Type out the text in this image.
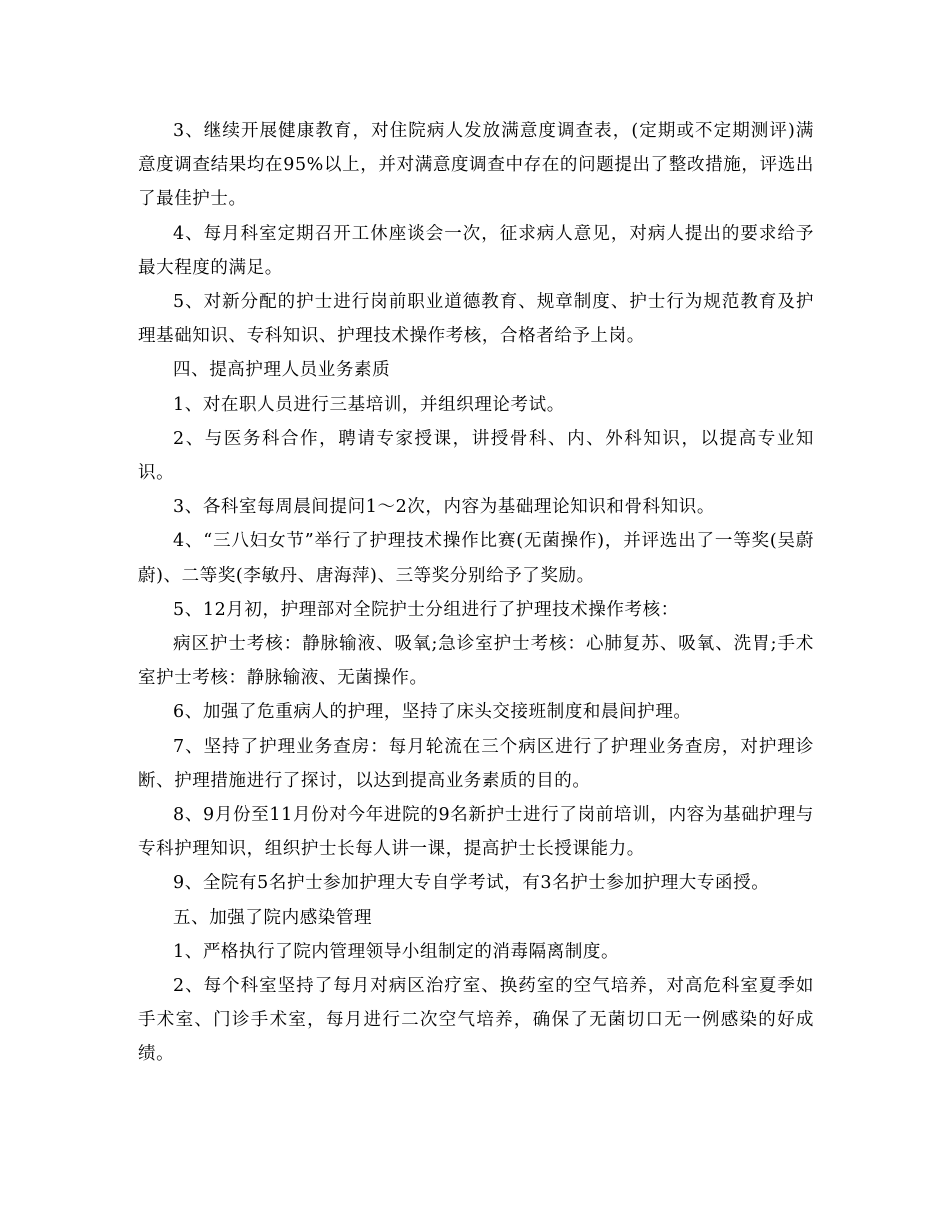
3、继续开展健康教育，对住院病人发放满意度调查表，(定期或不定期测评)满意度调查结果均在95%以上，并对满意度调查中存在的问题提出了整改措施，评选出了最佳护士。

4、每月科室定期召开工休座谈会一次，征求病人意见，对病人提出的要求给予最大程度的满足。

5、对新分配的护士进行岗前职业道德教育、规章制度、护士行为规范教育及护理基础知识、专科知识、护理技术操作考核，合格者给予上岗。

四、提高护理人员业务素质

1、对在职人员进行三基培训，并组织理论考试。

2、与医务科合作，聘请专家授课，讲授骨科、内、外科知识，以提高专业知识。

3、各科室每周晨间提问1～2次，内容为基础理论知识和骨科知识。

4、“三八妇女节”举行了护理技术操作比赛(无菌操作)，并评选出了一等奖(吴蔚蔚)、二等奖(李敏丹、唐海萍)、三等奖分别给予了奖励。

5、12月初，护理部对全院护士分组进行了护理技术操作考核：

病区护士考核：静脉输液、吸氧;急诊室护士考核：心肺复苏、吸氧、洗胃;手术室护士考核：静脉输液、无菌操作。

6、加强了危重病人的护理，坚持了床头交接班制度和晨间护理。

7、坚持了护理业务查房：每月轮流在三个病区进行了护理业务查房，对护理诊断、护理措施进行了探讨，以达到提高业务素质的目的。

8、9月份至11月份对今年进院的9名新护士进行了岗前培训，内容为基础护理与专科护理知识，组织护士长每人讲一课，提高护士长授课能力。

9、全院有5名护士参加护理大专自学考试，有3名护士参加护理大专函授。

五、加强了院内感染管理

1、严格执行了院内管理领导小组制定的消毒隔离制度。

2、每个科室坚持了每月对病区治疗室、换药室的空气培养，对高危科室夏季如手术室、门诊手术室，每月进行二次空气培养，确保了无菌切口无一例感染的好成绩。
